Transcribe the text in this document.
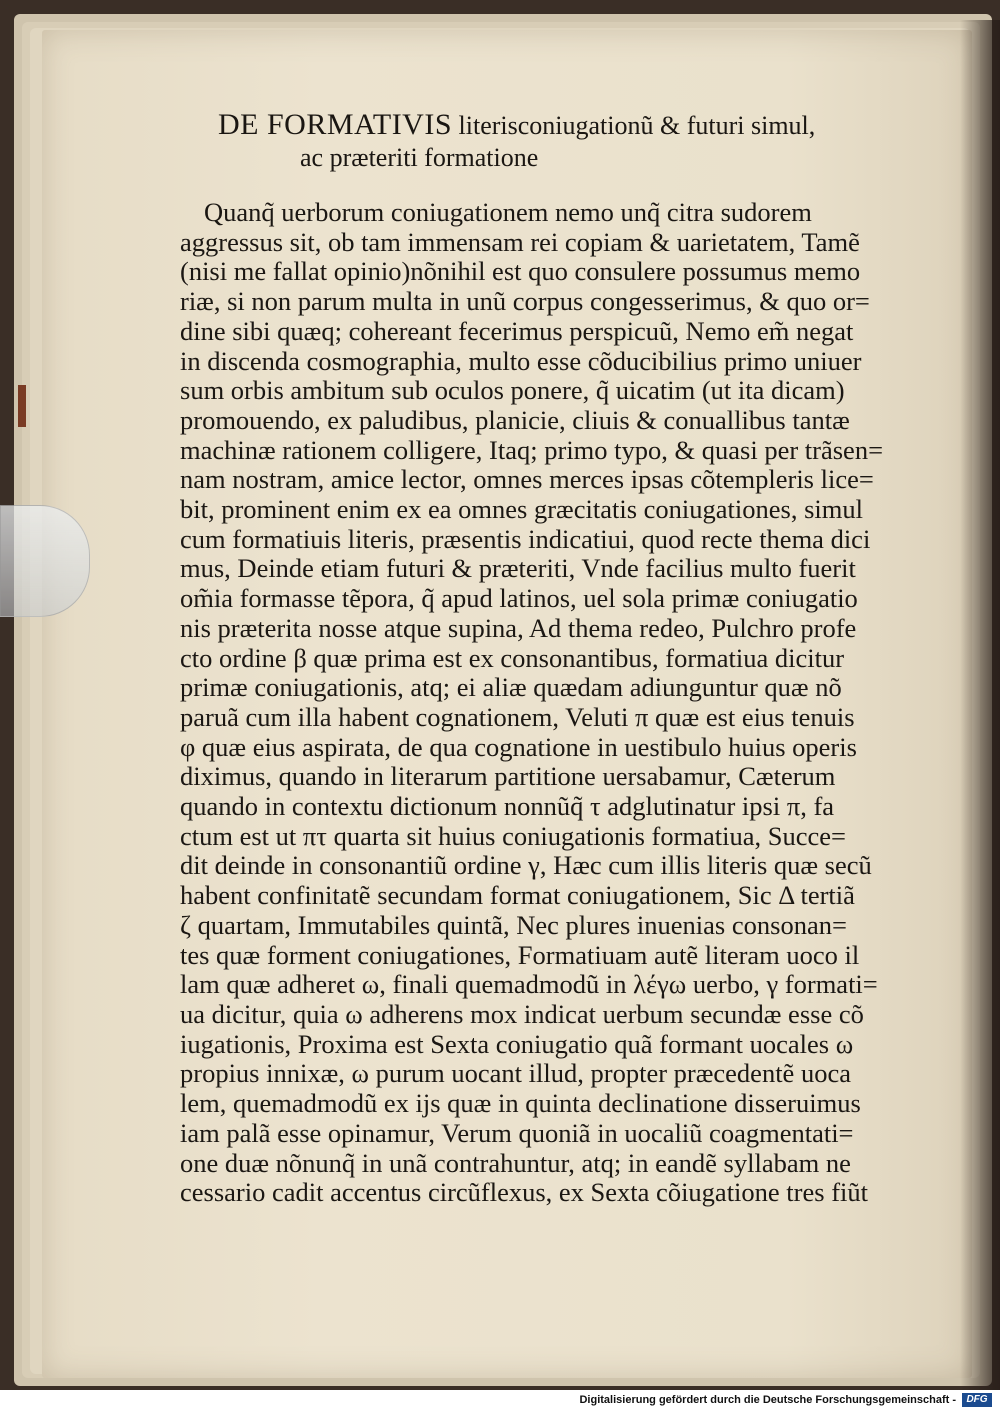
DE FORMATIVIS literisconiugationũ & futuri simul,
ac præteriti formatione
Quanq̃ uerborum coniugationem nemo unq̃ citra sudorem
aggressus sit, ob tam immensam rei copiam & uarietatem, Tamẽ
(nisi me fallat opinio)nõnihil est quo consulere possumus memo
riæ, si non parum multa in unũ corpus congesserimus, & quo or=
dine sibi quæq; cohereant fecerimus perspicuũ, Nemo em̃ negat
in discenda cosmographia, multo esse cõducibilius primo uniuer
sum orbis ambitum sub oculos ponere, q̃ uicatim (ut ita dicam)
promouendo, ex paludibus, planicie, cliuis & conuallibus tantæ
machinæ rationem colligere, Itaq; primo typo, & quasi per trãsen=
nam nostram, amice lector, omnes merces ipsas cõtempleris lice=
bit, prominent enim ex ea omnes græcitatis coniugationes, simul
cum formatiuis literis, præsentis indicatiui, quod recte thema dici
mus, Deinde etiam futuri & præteriti, Vnde facilius multo fuerit
om̃ia formasse tẽpora, q̃ apud latinos, uel sola primæ coniugatio
nis præterita nosse atque supina, Ad thema redeo, Pulchro profe
cto ordine β quæ prima est ex consonantibus, formatiua dicitur
primæ coniugationis, atq; ei aliæ quædam adiunguntur quæ nõ
paruã cum illa habent cognationem, Veluti π quæ est eius tenuis
φ quæ eius aspirata, de qua cognatione in uestibulo huius operis
diximus, quando in literarum partitione uersabamur, Cæterum
quando in contextu dictionum nonnũq̃ τ adglutinatur ipsi π, fa
ctum est ut πτ quarta sit huius coniugationis formatiua, Succe=
dit deinde in consonantiũ ordine γ, Hæc cum illis literis quæ secũ
habent confinitatẽ secundam format coniugationem, Sic Δ tertiã
ζ quartam, Immutabiles quintã, Nec plures inuenias consonan=
tes quæ forment coniugationes, Formatiuam autẽ literam uoco il
lam quæ adheret ω, finali quemadmodũ in λέγω uerbo, γ formati=
ua dicitur, quia ω adherens mox indicat uerbum secundæ esse cõ
iugationis, Proxima est Sexta coniugatio quã formant uocales ω
propius innixæ, ω purum uocant illud, propter præcedentẽ uoca
lem, quemadmodũ ex ijs quæ in quinta declinatione disseruimus
iam palã esse opinamur, Verum quoniã in uocaliũ coagmentati=
one duæ nõnunq̃ in unã contrahuntur, atq; in eandẽ syllabam ne
cessario cadit accentus circũflexus, ex Sexta cõiugatione tres fiũt
Digitalisierung gefördert durch die Deutsche Forschungsgemeinschaft -	DFG
